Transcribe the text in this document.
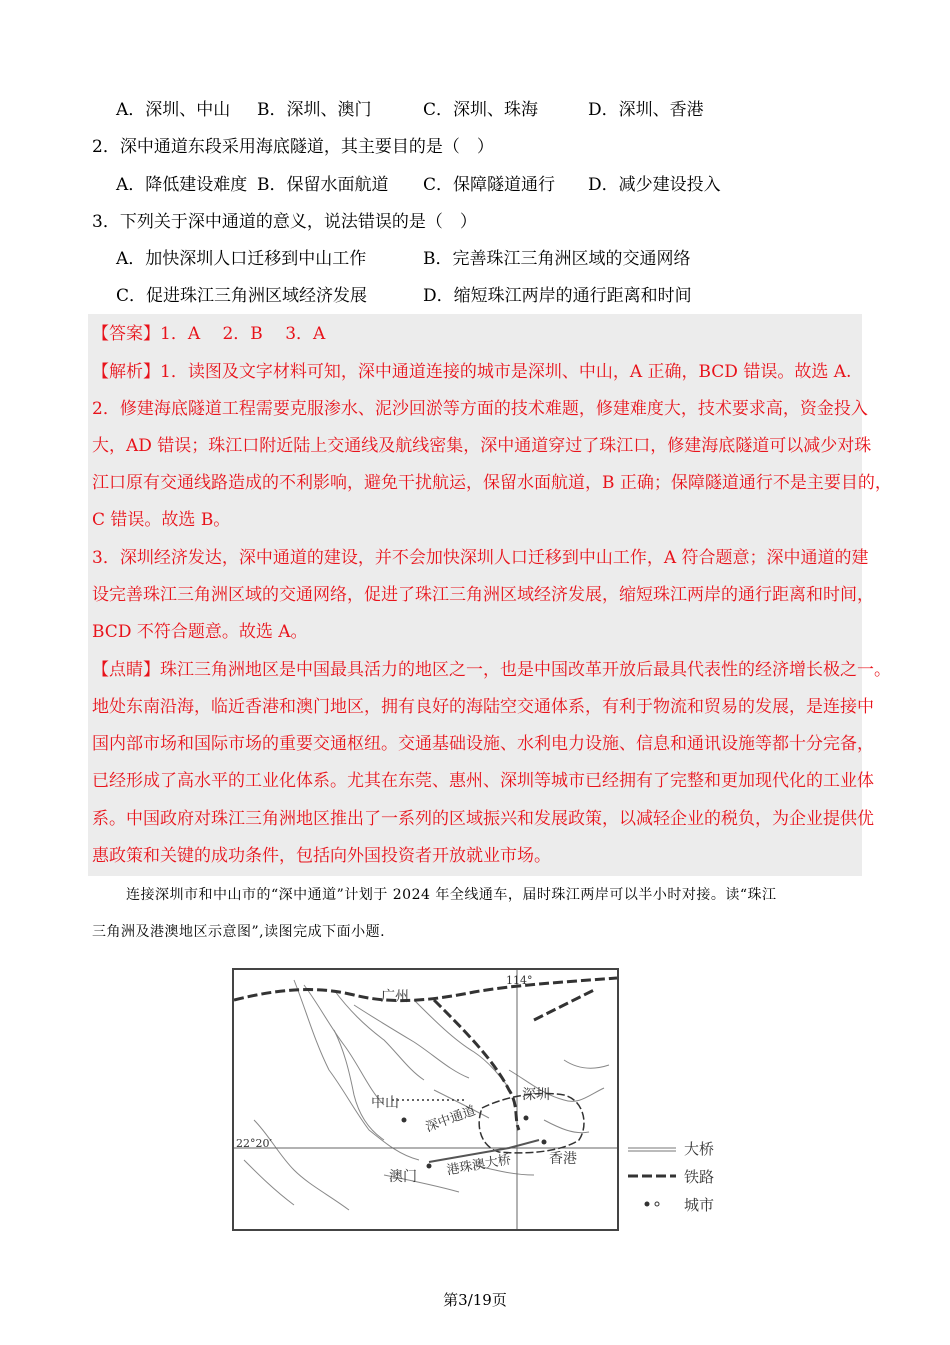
A．深圳、中山 B．深圳、澳门	C．深圳、珠海	D．深圳、香港
2．深中通道东段采用海底隧道，其主要目的是（　）
A．降低建设难度 B．保留水面航道 C．保障隧道通行 D．减少建设投入
3．下列关于深中通道的意义，说法错误的是（　）
A．加快深圳人口迁移到中山工作	B．完善珠江三角洲区域的交通网络
C．促进珠江三角洲区域经济发展	D．缩短珠江两岸的通行距离和时间
【答案】1．A　 2．B　 3．A
【解析】1．读图及文字材料可知，深中通道连接的城市是深圳、中山，A 正确，BCD 错误。故选 A.
2．修建海底隧道工程需要克服渗水、泥沙回淤等方面的技术难题，修建难度大，技术要求高，资金投入
大，AD 错误；珠江口附近陆上交通线及航线密集，深中通道穿过了珠江口，修建海底隧道可以减少对珠
江口原有交通线路造成的不利影响，避免干扰航运，保留水面航道，B 正确；保障隧道通行不是主要目的，
C 错误。故选 B。
3．深圳经济发达，深中通道的建设，并不会加快深圳人口迁移到中山工作，A 符合题意；深中通道的建
设完善珠江三角洲区域的交通网络，促进了珠江三角洲区域经济发展，缩短珠江两岸的通行距离和时间，
BCD 不符合题意。故选 A。
【点睛】珠江三角洲地区是中国最具活力的地区之一，也是中国改革开放后最具代表性的经济增长极之一。
地处东南沿海，临近香港和澳门地区，拥有良好的海陆空交通体系，有利于物流和贸易的发展，是连接中
国内部市场和国际市场的重要交通枢纽。交通基础设施、水利电力设施、信息和通讯设施等都十分完备，
已经形成了高水平的工业化体系。尤其在东莞、惠州、深圳等城市已经拥有了完整和更加现代化的工业体
系。中国政府对珠江三角洲地区推出了一系列的区域振兴和发展政策，以减轻企业的税负，为企业提供优
惠政策和关键的成功条件，包括向外国投资者开放就业市场。
连接深圳市和中山市的“深中通道”计划于 2024 年全线通车，届时珠江两岸可以半小时对接。读“珠江
三角洲及港澳地区示意图”,读图完成下面小题.
广州
114°
中山
深中通道
深圳
22°20′
澳门 港珠澳大桥	香港
大桥
铁路
城市
第3/19页
